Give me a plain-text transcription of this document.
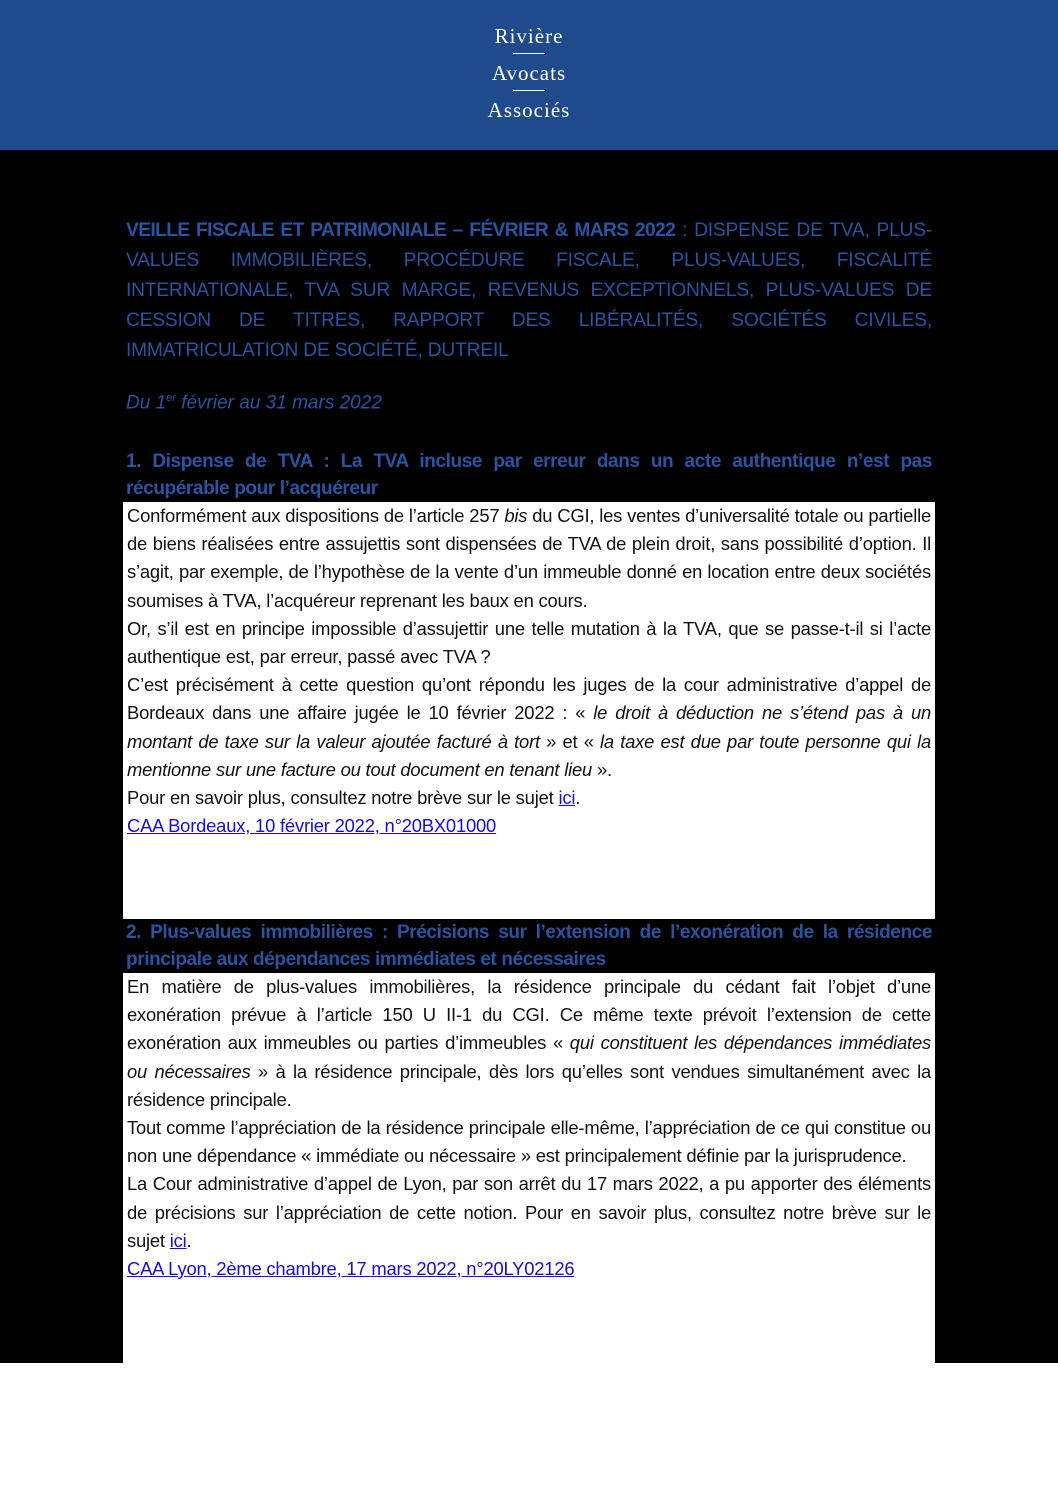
Rivière
Avocats
Associés
VEILLE FISCALE ET PATRIMONIALE – FÉVRIER & MARS 2022 : DISPENSE DE TVA, PLUS-VALUES IMMOBILIÈRES, PROCÉDURE FISCALE, PLUS-VALUES, FISCALITÉ INTERNATIONALE, TVA SUR MARGE, REVENUS EXCEPTIONNELS, PLUS-VALUES DE CESSION DE TITRES, RAPPORT DES LIBÉRALITÉS, SOCIÉTÉS CIVILES, IMMATRICULATION DE SOCIÉTÉ, DUTREIL
Du 1er février au 31 mars 2022
1. Dispense de TVA : La TVA incluse par erreur dans un acte authentique n’est pas récupérable pour l’acquéreur

Conformément aux dispositions de l’article 257 bis du CGI, les ventes d’universalité totale ou partielle de biens réalisées entre assujettis sont dispensées de TVA de plein droit, sans possibilité d’option. Il s’agit, par exemple, de l’hypothèse de la vente d’un immeuble donné en location entre deux sociétés soumises à TVA, l’acquéreur reprenant les baux en cours.

Or, s’il est en principe impossible d’assujettir une telle mutation à la TVA, que se passe-t-il si l’acte authentique est, par erreur, passé avec TVA ?

C’est précisément à cette question qu’ont répondu les juges de la cour administrative d’appel de Bordeaux dans une affaire jugée le 10 février 2022 : « le droit à déduction ne s’étend pas à un montant de taxe sur la valeur ajoutée facturé à tort » et « la taxe est due par toute personne qui la mentionne sur une facture ou tout document en tenant lieu ».

Pour en savoir plus, consultez notre brève sur le sujet ici.

CAA Bordeaux, 10 février 2022, n°20BX01000

2. Plus-values immobilières : Précisions sur l’extension de l’exonération de la résidence principale aux dépendances immédiates et nécessaires

En matière de plus-values immobilières, la résidence principale du cédant fait l’objet d’une exonération prévue à l’article 150 U II-1 du CGI. Ce même texte prévoit l’extension de cette exonération aux immeubles ou parties d’immeubles « qui constituent les dépendances immédiates ou nécessaires » à la résidence principale, dès lors qu’elles sont vendues simultanément avec la résidence principale.

Tout comme l’appréciation de la résidence principale elle-même, l’appréciation de ce qui constitue ou non une dépendance « immédiate ou nécessaire » est principalement définie par la jurisprudence.

La Cour administrative d’appel de Lyon, par son arrêt du 17 mars 2022, a pu apporter des éléments de précisions sur l’appréciation de cette notion. Pour en savoir plus, consultez notre brève sur le sujet ici.

CAA Lyon, 2ème chambre, 17 mars 2022, n°20LY02126
